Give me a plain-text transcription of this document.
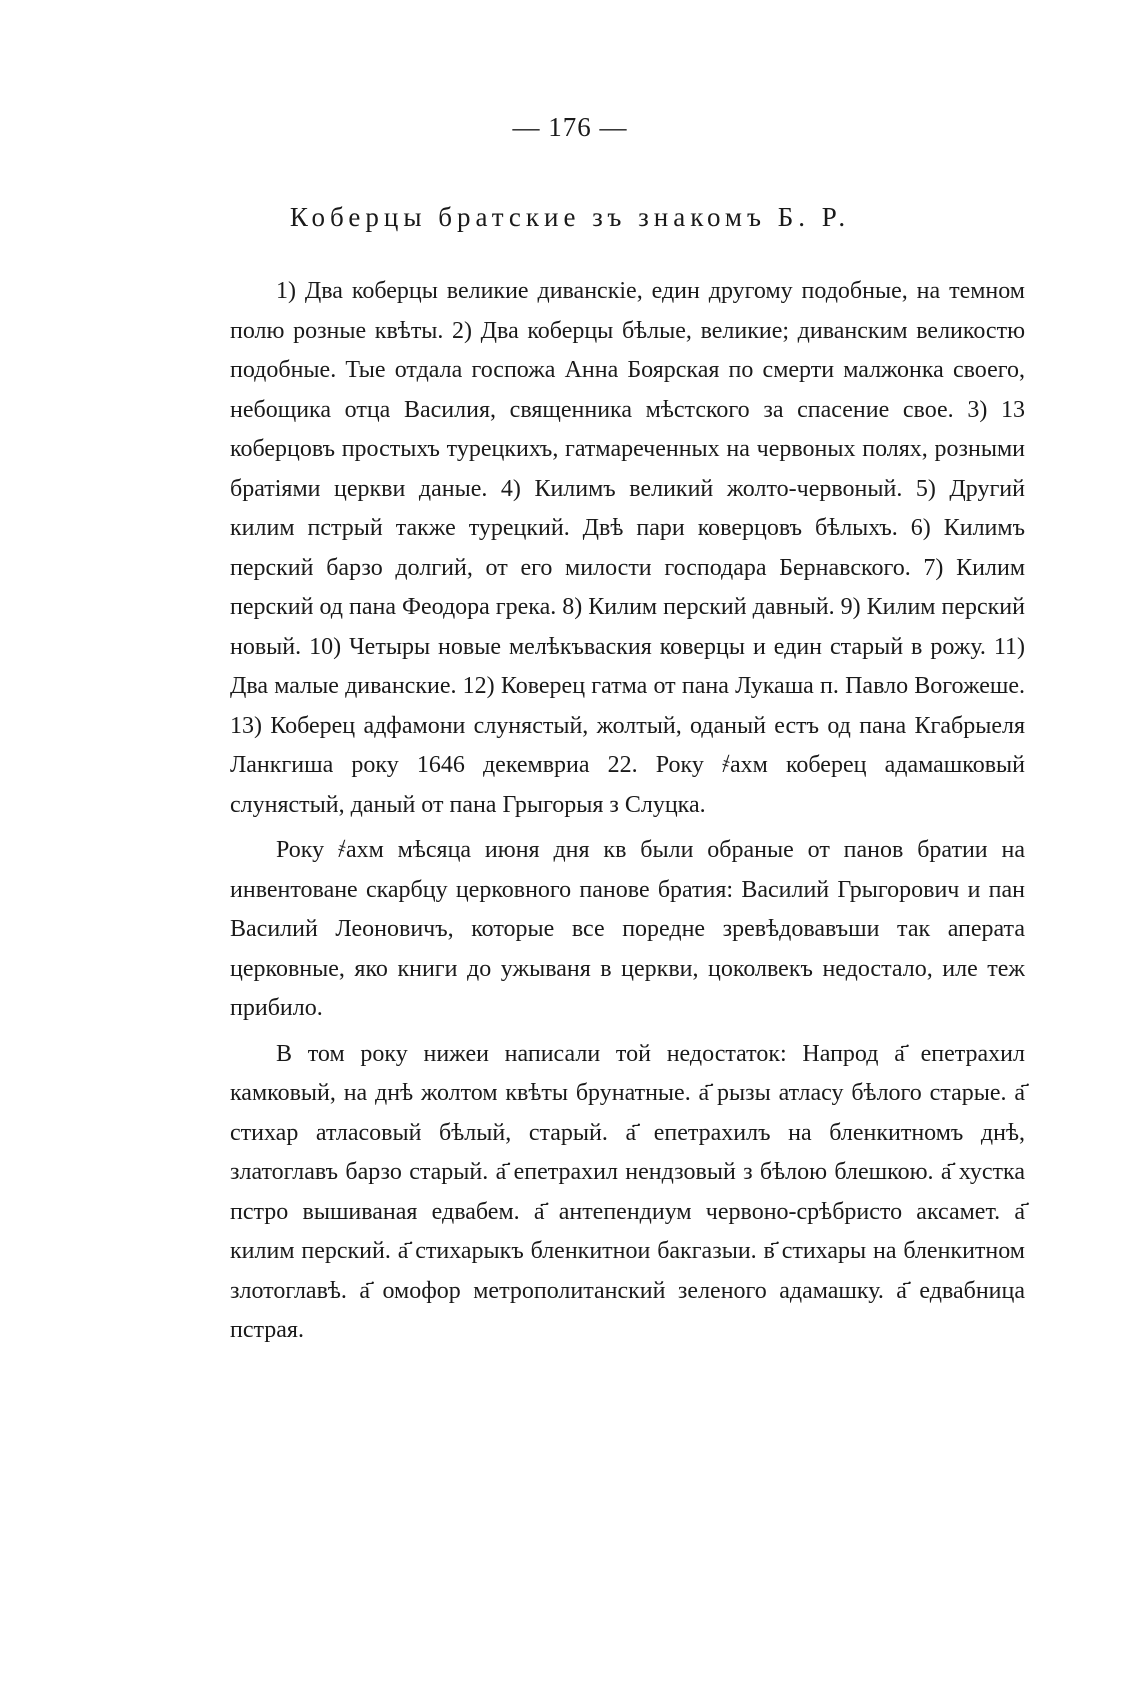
— 176 —
Коберцы братские зъ знакомъ Б. Р.

1) Два коберцы великие диванскіе, един другому подобные, на темном полю розные квѣты. 2) Два коберцы бѣлые, великие; диванским великостю подобные. Тые отдала госпожа Анна Боярская по смерти малжонка своего, небощика отца Василия, священника мѣстского за спасение свое. 3) 13 коберцовъ простыхъ турецкихъ, гатмареченных на червоных полях, розными братіями церкви даные. 4) Килимъ великий жолто-червоный. 5) Другий килим пстрый также турецкий. Двѣ пари коверцовъ бѣлыхъ. 6) Килимъ перский барзо долгий, от его милости господара Бернавского. 7) Килим перский од пана Феодора грека. 8) Килим перский давный. 9) Килим перский новый. 10) Четыры новые мелѣкъваския коверцы и един старый в рожу. 11) Два малые диванские. 12) Коверец гатма от пана Лукаша п. Павло Вогожеше. 13) Коберец адфамони слунястый, жолтый, оданый естъ од пана Кгабрыеля Ланкгиша року 1646 декемвриа 22. Року ҂ахм коберец адамашковый слунястый, даный от пана Грыгорыя з Слуцка.

Року ҂ахм мѣсяца июня дня кв были обраные от панов братии на инвентоване скарбцу церковного панове братия: Василий Грыгорович и пан Василий Леоновичъ, которые все поредне зревѣдовавъши так аперата церковные, яко книги до ужываня в церкви, цоколвекъ недостало, иле теж прибило.

В том року нижеи написали той недостаток: Напрод а҃ епетрахил камковый, на днѣ жолтом квѣты брунатные. а҃ рызы атласу бѣлого старые. а҃ стихар атласовый бѣлый, старый. а҃ епетрахилъ на бленкитномъ днѣ, златоглавъ барзо старый. а҃ епетрахил нендзовый з бѣлою блешкою. а҃ хустка пстро вышиваная едвабем. а҃ антепендиум червоно-срѣбристо аксамет. а҃ килим перский. а҃ стихарыкъ бленкитнои бакгазыи. в҃ стихары на бленкитном злотоглавѣ. а҃ омофор метрополитанский зеленого адамашку. а҃ едвабница пстрая.
